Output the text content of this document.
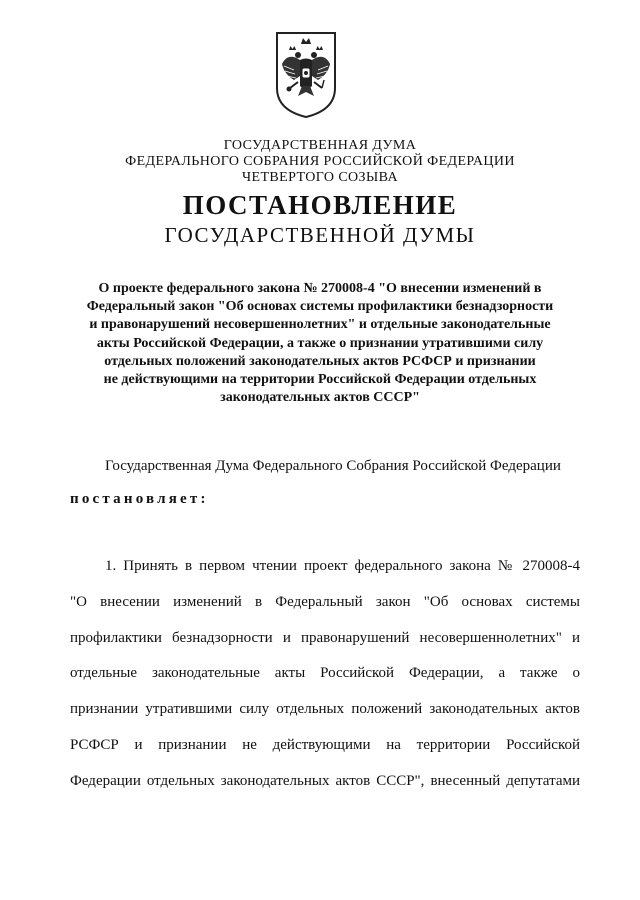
ГОСУДАРСТВЕННАЯ ДУМА
ФЕДЕРАЛЬНОГО СОБРАНИЯ РОССИЙСКОЙ ФЕДЕРАЦИИ
ЧЕТВЕРТОГО СОЗЫВА
ПОСТАНОВЛЕНИЕ
ГОСУДАРСТВЕННОЙ ДУМЫ
О проекте федерального закона № 270008-4 "О внесении изменений в
Федеральный закон "Об основах системы профилактики безнадзорности
и правонарушений несовершеннолетних" и отдельные законодательные
акты Российской Федерации, а также о признании утратившими силу
отдельных положений законодательных актов РСФСР и признании
не действующими на территории Российской Федерации отдельных
законодательных актов СССР"
Государственная Дума Федерального Собрания Российской Федерации
постановляет:
1. Принять в первом чтении проект федерального закона № 270008-4
"О внесении изменений в Федеральный закон "Об основах системы
профилактики безнадзорности и правонарушений несовершеннолетних" и
отдельные законодательные акты Российской Федерации, а также о
признании утратившими силу отдельных положений законодательных актов
РСФСР и признании не действующими на территории Российской
Федерации отдельных законодательных актов СССР", внесенный депутатами
